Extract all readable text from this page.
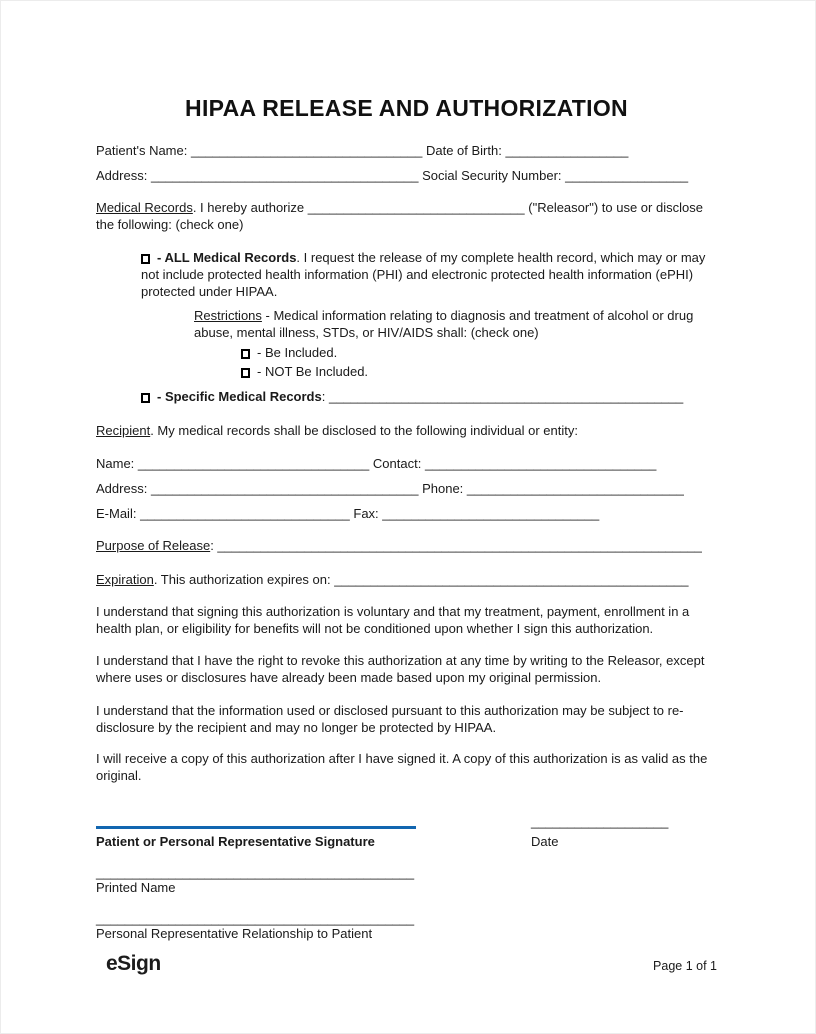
HIPAA RELEASE AND AUTHORIZATION
Patient's Name: ________________________________ Date of Birth: _________________
Address: _____________________________________ Social Security Number: _________________

Medical Records. I hereby authorize ______________________________ ("Releasor") to use or disclose the following: (check one)

- ALL Medical Records. I request the release of my complete health record, which may or may not include protected health information (PHI) and electronic protected health information (ePHI) protected under HIPAA.

Restrictions - Medical information relating to diagnosis and treatment of alcohol or drug abuse, mental illness, STDs, or HIV/AIDS shall: (check one)

- Be Included.
- NOT Be Included.
- Specific Medical Records: _________________________________________________

Recipient. My medical records shall be disclosed to the following individual or entity:

Name: ________________________________ Contact: ________________________________
Address: _____________________________________ Phone: ______________________________
E-Mail: _____________________________ Fax: ______________________________
Purpose of Release: ___________________________________________________________________
Expiration. This authorization expires on: _________________________________________________

I understand that signing this authorization is voluntary and that my treatment, payment, enrollment in a health plan, or eligibility for benefits will not be conditioned upon whether I sign this authorization.

I understand that I have the right to revoke this authorization at any time by writing to the Releasor, except where uses or disclosures have already been made based upon my original permission.

I understand that the information used or disclosed pursuant to this authorization may be subject to re-disclosure by the recipient and may no longer be protected by HIPAA.

I will receive a copy of this authorization after I have signed it. A copy of this authorization is as valid as the original.

Patient or Personal Representative Signature
___________________
Date
____________________________________________
Printed Name
____________________________________________
Personal Representative Relationship to Patient
eSign	Page 1 of 1
